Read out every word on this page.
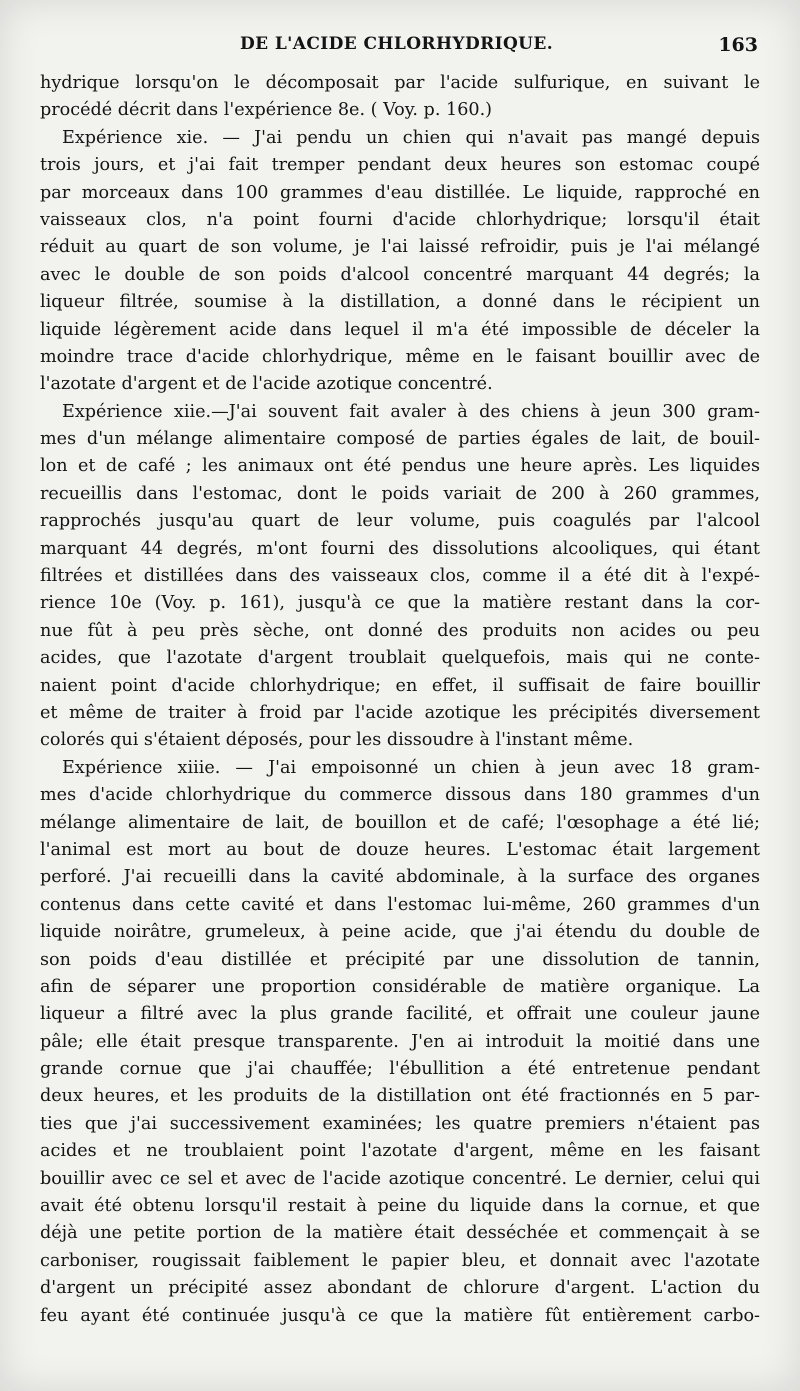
DE L'ACIDE CHLORHYDRIQUE.	163
hydrique lorsqu'on le décomposait par l'acide sulfurique, en suivant le
procédé décrit dans l'expérience 8e. ( Voy. p. 160.)
Expérience xie. — J'ai pendu un chien qui n'avait pas mangé depuis
trois jours, et j'ai fait tremper pendant deux heures son estomac coupé
par morceaux dans 100 grammes d'eau distillée. Le liquide, rapproché en
vaisseaux clos, n'a point fourni d'acide chlorhydrique; lorsqu'il était
réduit au quart de son volume, je l'ai laissé refroidir, puis je l'ai mélangé
avec le double de son poids d'alcool concentré marquant 44 degrés; la
liqueur filtrée, soumise à la distillation, a donné dans le récipient un
liquide légèrement acide dans lequel il m'a été impossible de déceler la
moindre trace d'acide chlorhydrique, même en le faisant bouillir avec de
l'azotate d'argent et de l'acide azotique concentré.
Expérience xiie.—J'ai souvent fait avaler à des chiens à jeun 300 gram-
mes d'un mélange alimentaire composé de parties égales de lait, de bouil-
lon et de café ; les animaux ont été pendus une heure après. Les liquides
recueillis dans l'estomac, dont le poids variait de 200 à 260 grammes,
rapprochés jusqu'au quart de leur volume, puis coagulés par l'alcool
marquant 44 degrés, m'ont fourni des dissolutions alcooliques, qui étant
filtrées et distillées dans des vaisseaux clos, comme il a été dit à l'expé-
rience 10e (Voy. p. 161), jusqu'à ce que la matière restant dans la cor-
nue fût à peu près sèche, ont donné des produits non acides ou peu
acides, que l'azotate d'argent troublait quelquefois, mais qui ne conte-
naient point d'acide chlorhydrique; en effet, il suffisait de faire bouillir
et même de traiter à froid par l'acide azotique les précipités diversement
colorés qui s'étaient déposés, pour les dissoudre à l'instant même.
Expérience xiiie. — J'ai empoisonné un chien à jeun avec 18 gram-
mes d'acide chlorhydrique du commerce dissous dans 180 grammes d'un
mélange alimentaire de lait, de bouillon et de café; l'œsophage a été lié;
l'animal est mort au bout de douze heures. L'estomac était largement
perforé. J'ai recueilli dans la cavité abdominale, à la surface des organes
contenus dans cette cavité et dans l'estomac lui-même, 260 grammes d'un
liquide noirâtre, grumeleux, à peine acide, que j'ai étendu du double de
son poids d'eau distillée et précipité par une dissolution de tannin,
afin de séparer une proportion considérable de matière organique. La
liqueur a filtré avec la plus grande facilité, et offrait une couleur jaune
pâle; elle était presque transparente. J'en ai introduit la moitié dans une
grande cornue que j'ai chauffée; l'ébullition a été entretenue pendant
deux heures, et les produits de la distillation ont été fractionnés en 5 par-
ties que j'ai successivement examinées; les quatre premiers n'étaient pas
acides et ne troublaient point l'azotate d'argent, même en les faisant
bouillir avec ce sel et avec de l'acide azotique concentré. Le dernier, celui qui
avait été obtenu lorsqu'il restait à peine du liquide dans la cornue, et que
déjà une petite portion de la matière était desséchée et commençait à se
carboniser, rougissait faiblement le papier bleu, et donnait avec l'azotate
d'argent un précipité assez abondant de chlorure d'argent. L'action du
feu ayant été continuée jusqu'à ce que la matière fût entièrement carbo-
